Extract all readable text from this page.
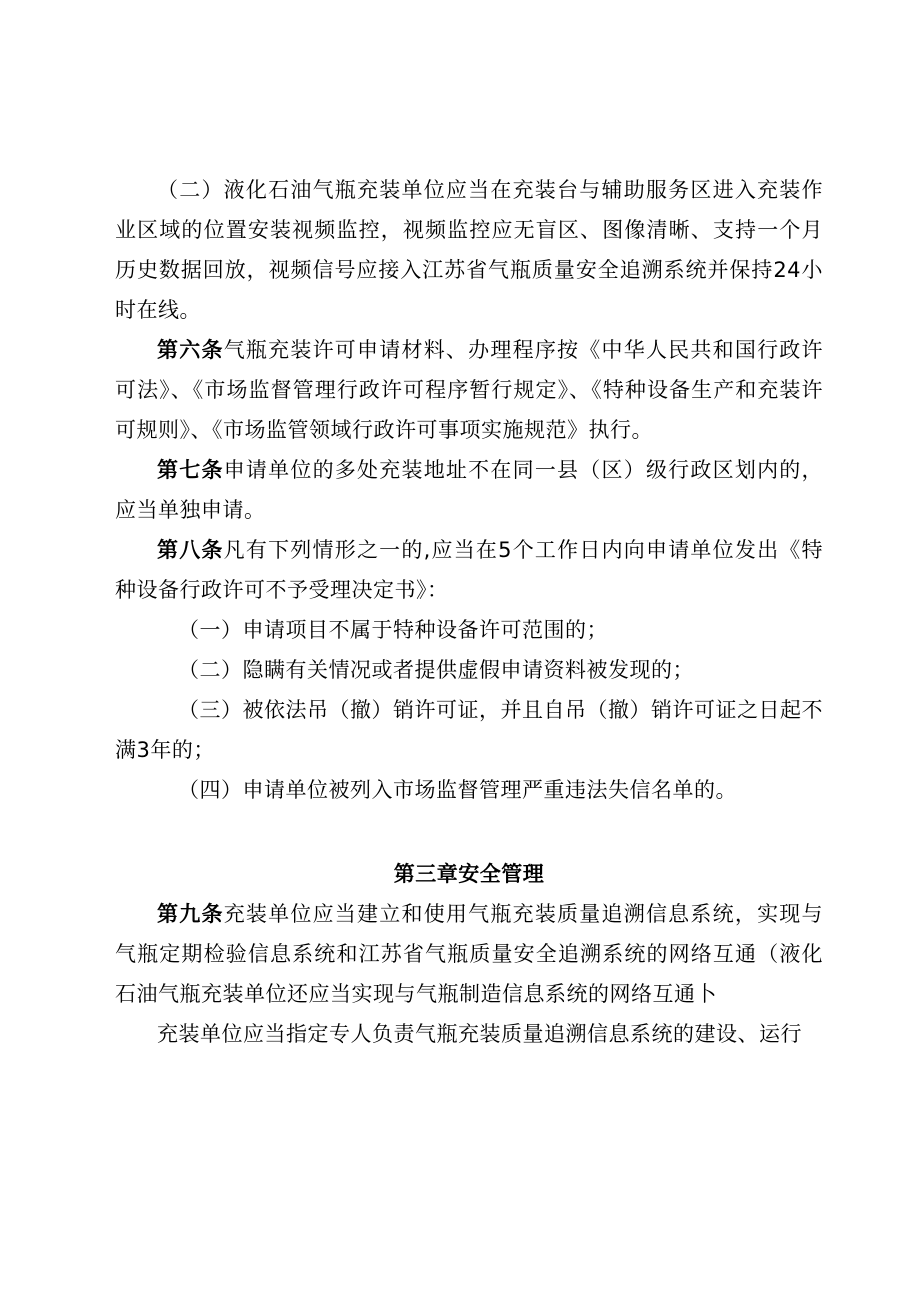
（二）液化石油气瓶充装单位应当在充装台与辅助服务区进入充装作业区域的位置安装视频监控，视频监控应无盲区、图像清晰、支持一个月历史数据回放，视频信号应接入江苏省气瓶质量安全追溯系统并保持24小时在线。

第六条气瓶充装许可申请材料、办理程序按《中华人民共和国行政许可法》、《市场监督管理行政许可程序暂行规定》、《特种设备生产和充装许可规则》、《市场监管领域行政许可事项实施规范》执行。

第七条申请单位的多处充装地址不在同一县（区）级行政区划内的，应当单独申请。

第八条凡有下列情形之一的,应当在5个工作日内向申请单位发出《特种设备行政许可不予受理决定书》：

（一）申请项目不属于特种设备许可范围的；

（二）隐瞒有关情况或者提供虚假申请资料被发现的；

（三）被依法吊（撤）销许可证，并且自吊（撤）销许可证之日起不满3年的；

（四）申请单位被列入市场监督管理严重违法失信名单的。

第三章安全管理

第九条充装单位应当建立和使用气瓶充装质量追溯信息系统，实现与气瓶定期检验信息系统和江苏省气瓶质量安全追溯系统的网络互通（液化石油气瓶充装单位还应当实现与气瓶制造信息系统的网络互通卜

充装单位应当指定专人负责气瓶充装质量追溯信息系统的建设、运行
